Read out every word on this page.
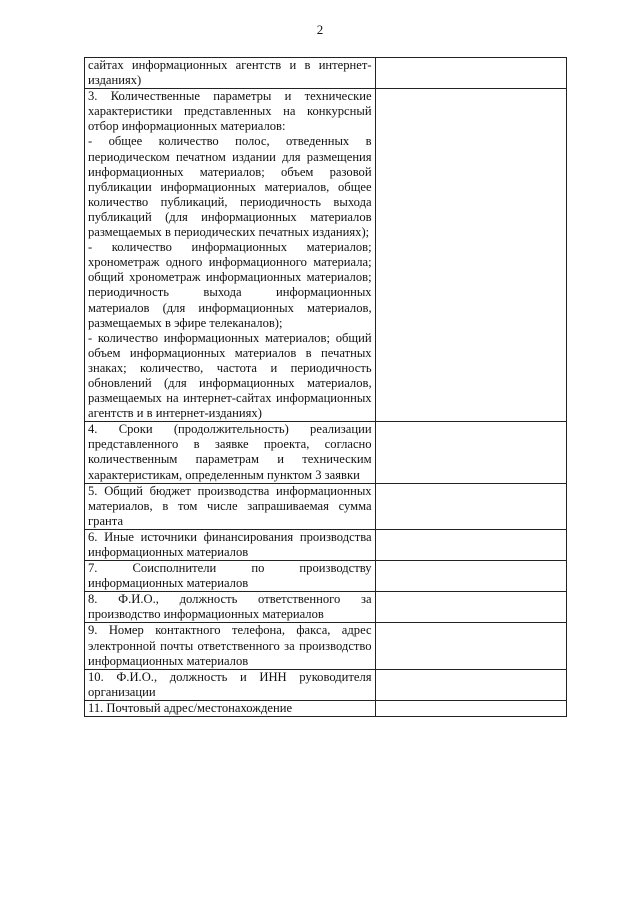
2
сайтах информационных агентств и в интернет-изданиях)	

3. Количественные параметры и технические характеристики представленных на конкурсный отбор информационных материалов:
- общее количество полос, отведенных в периодическом печатном издании для размещения информационных материалов; объем разовой публикации информационных материалов, общее количество публикаций, периодичность выхода публикаций (для информационных материалов размещаемых в периодических печатных изданиях);
- количество информационных материалов; хронометраж одного информационного материала; общий хронометраж информационных материалов; периодичность выхода информационных материалов (для информационных материалов, размещаемых в эфире телеканалов);
- количество информационных материалов; общий объем информационных материалов в печатных знаках; количество, частота и периодичность обновлений (для информационных материалов, размещаемых на интернет-сайтах информационных агентств и в интернет-изданиях)	

4. Сроки (продолжительность) реализации представленного в заявке проекта, согласно количественным параметрам и техническим характеристикам, определенным пунктом 3 заявки	

5. Общий бюджет производства информационных материалов, в том числе запрашиваемая сумма гранта	

6. Иные источники финансирования производства информационных материалов	

7. Соисполнители по производству информационных материалов	

8. Ф.И.О., должность ответственного за производство информационных материалов	

9. Номер контактного телефона, факса, адрес электронной почты ответственного за производство информационных материалов	

10. Ф.И.О., должность и ИНН руководителя организации	

11. Почтовый адрес/местонахождение	
